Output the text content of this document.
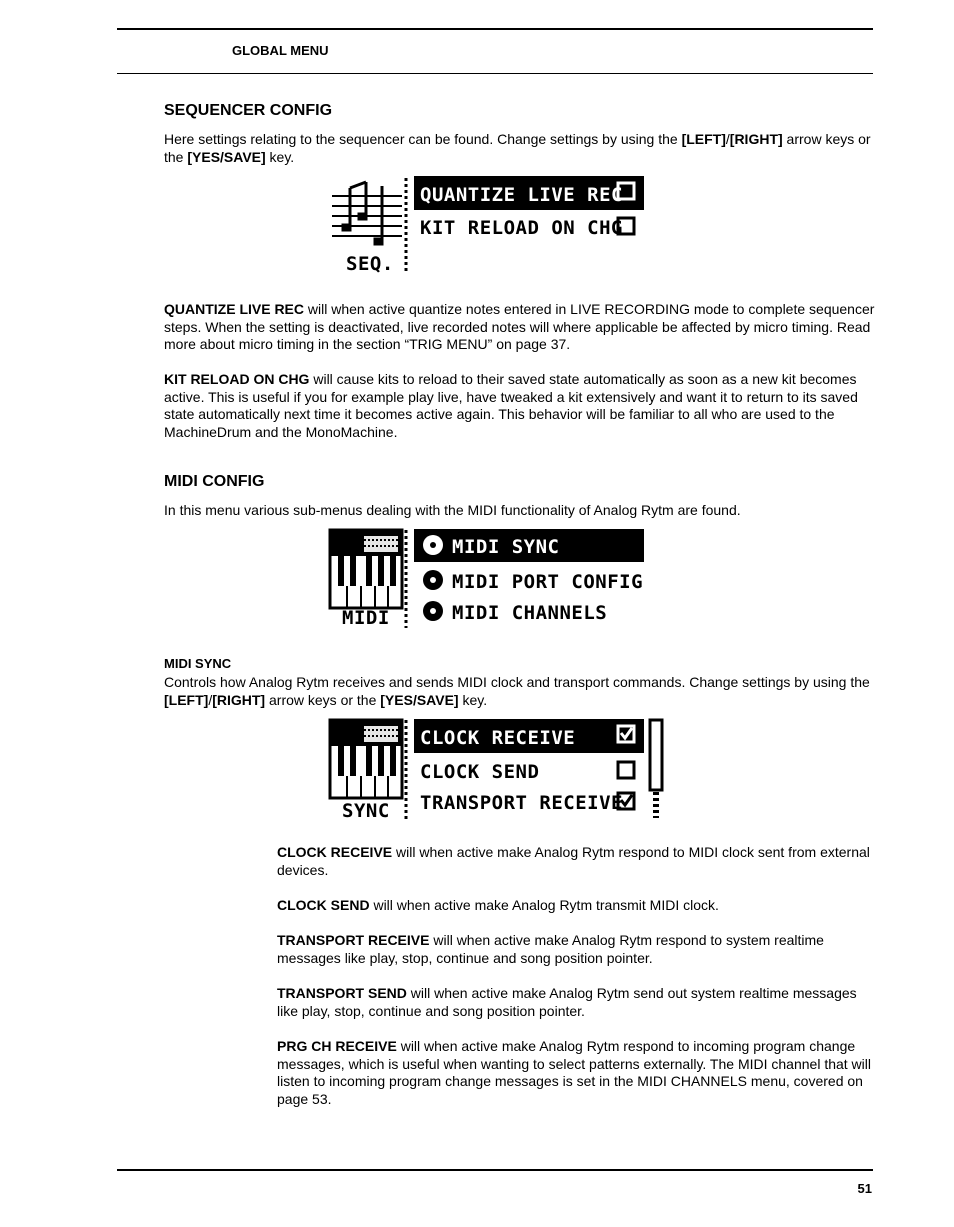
GLOBAL MENU
51
SEQUENCER CONFIG

Here settings relating to the sequencer can be found. Change settings by using the [LEFT]/[RIGHT] arrow keys or the [YES/SAVE] key.

SEQ.
QUANTIZE LIVE REC
KIT RELOAD ON CHG

QUANTIZE LIVE REC will when active quantize notes entered in LIVE RECORDING mode to complete sequencer steps. When the setting is deactivated, live recorded notes will where applicable be affected by micro timing. Read more about micro timing in the section “TRIG MENU” on page 37.

KIT RELOAD ON CHG will cause kits to reload to their saved state automatically as soon as a new kit becomes active. This is useful if you for example play live, have tweaked a kit extensively and want it to return to its saved state automatically next time it becomes active again. This behavior will be familiar to all who are used to the MachineDrum and the MonoMachine.

MIDI CONFIG

In this menu various sub-menus dealing with the MIDI functionality of Analog Rytm are found.

MIDI
MIDI SYNC
MIDI PORT CONFIG
MIDI CHANNELS
MIDI SYNC

Controls how Analog Rytm receives and sends MIDI clock and transport commands. Change settings by using the [LEFT]/[RIGHT] arrow keys or the [YES/SAVE] key.

SYNC
CLOCK RECEIVE
CLOCK SEND
TRANSPORT RECEIVE

CLOCK RECEIVE will when active make Analog Rytm respond to MIDI clock sent from external devices.

CLOCK SEND will when active make Analog Rytm transmit MIDI clock.

TRANSPORT RECEIVE will when active make Analog Rytm respond to system realtime messages like play, stop, continue and song position pointer.

TRANSPORT SEND will when active make Analog Rytm send out system realtime messages like play, stop, continue and song position pointer.

PRG CH RECEIVE will when active make Analog Rytm respond to incoming program change messages, which is useful when wanting to select patterns externally. The MIDI channel that will listen to incoming program change messages is set in the MIDI CHANNELS menu, covered on page 53.
